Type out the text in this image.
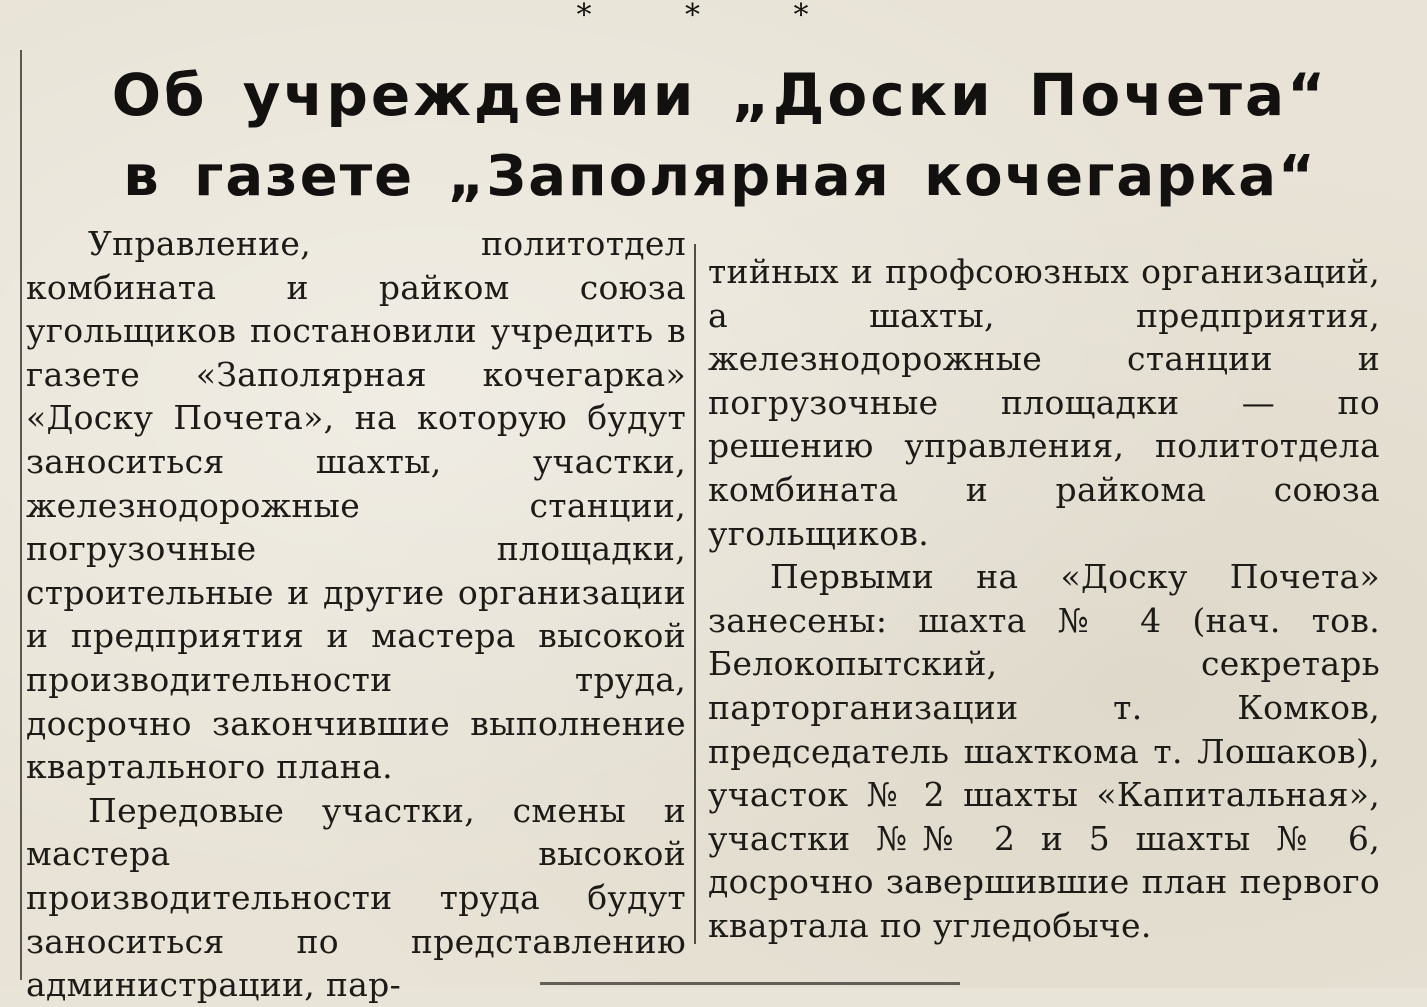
* * *
Об учреждении „Доски Почета“
в газете „Заполярная кочегарка“

Управление, политотдел комбината и райком союза угольщиков постановили учредить в газете «Заполярная кочегарка» «Доску Почета», на которую будут заноситься шахты, участки, железнодорожные станции, погрузочные площадки, строительные и другие организации и предприятия и мастера высокой производительности труда, досрочно закончившие выполнение квартального плана.

Передовые участки, смены и мастера высокой производительности труда будут заноситься по представлению администрации, пар-

тийных и профсоюзных организаций, а шахты, предприятия, железнодорожные станции и погрузочные площадки — по решению управления, политотдела комбината и райкома союза угольщиков.

Первыми на «Доску Почета» занесены: шахта № 4 (нач. тов. Белокопытский, секретарь парторганизации т. Комков, председатель шахткома т. Лошаков), участок № 2 шахты «Капитальная», участки №№ 2 и 5 шахты № 6, досрочно завершившие план первого квартала по угледобыче.
